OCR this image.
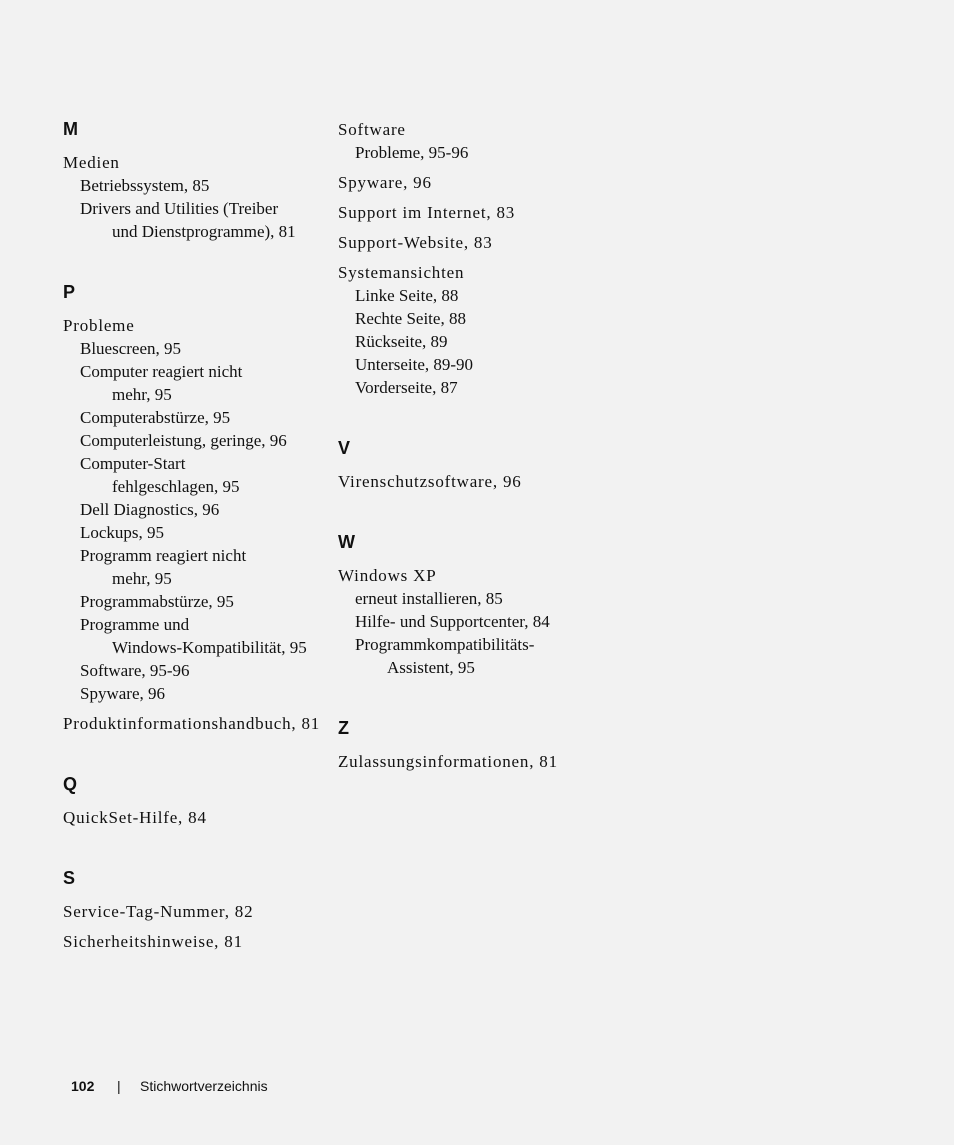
M
Medien
Betriebssystem, 85
Drivers and Utilities (Treiber
und Dienstprogramme), 81
P
Probleme
Bluescreen, 95
Computer reagiert nicht
mehr, 95
Computerabstürze, 95
Computerleistung, geringe, 96
Computer-Start
fehlgeschlagen, 95
Dell Diagnostics, 96
Lockups, 95
Programm reagiert nicht
mehr, 95
Programmabstürze, 95
Programme und
Windows-Kompatibilität, 95
Software, 95-96
Spyware, 96
Produktinformationshandbuch, 81
Q
QuickSet-Hilfe, 84
S
Service-Tag-Nummer, 82
Sicherheitshinweise, 81
Software
Probleme, 95-96
Spyware, 96
Support im Internet, 83
Support-Website, 83
Systemansichten
Linke Seite, 88
Rechte Seite, 88
Rückseite, 89
Unterseite, 89-90
Vorderseite, 87
V
Virenschutzsoftware, 96
W
Windows XP
erneut installieren, 85
Hilfe- und Supportcenter, 84
Programmkompatibilitäts-
Assistent, 95
Z
Zulassungsinformationen, 81
102 | Stichwortverzeichnis
